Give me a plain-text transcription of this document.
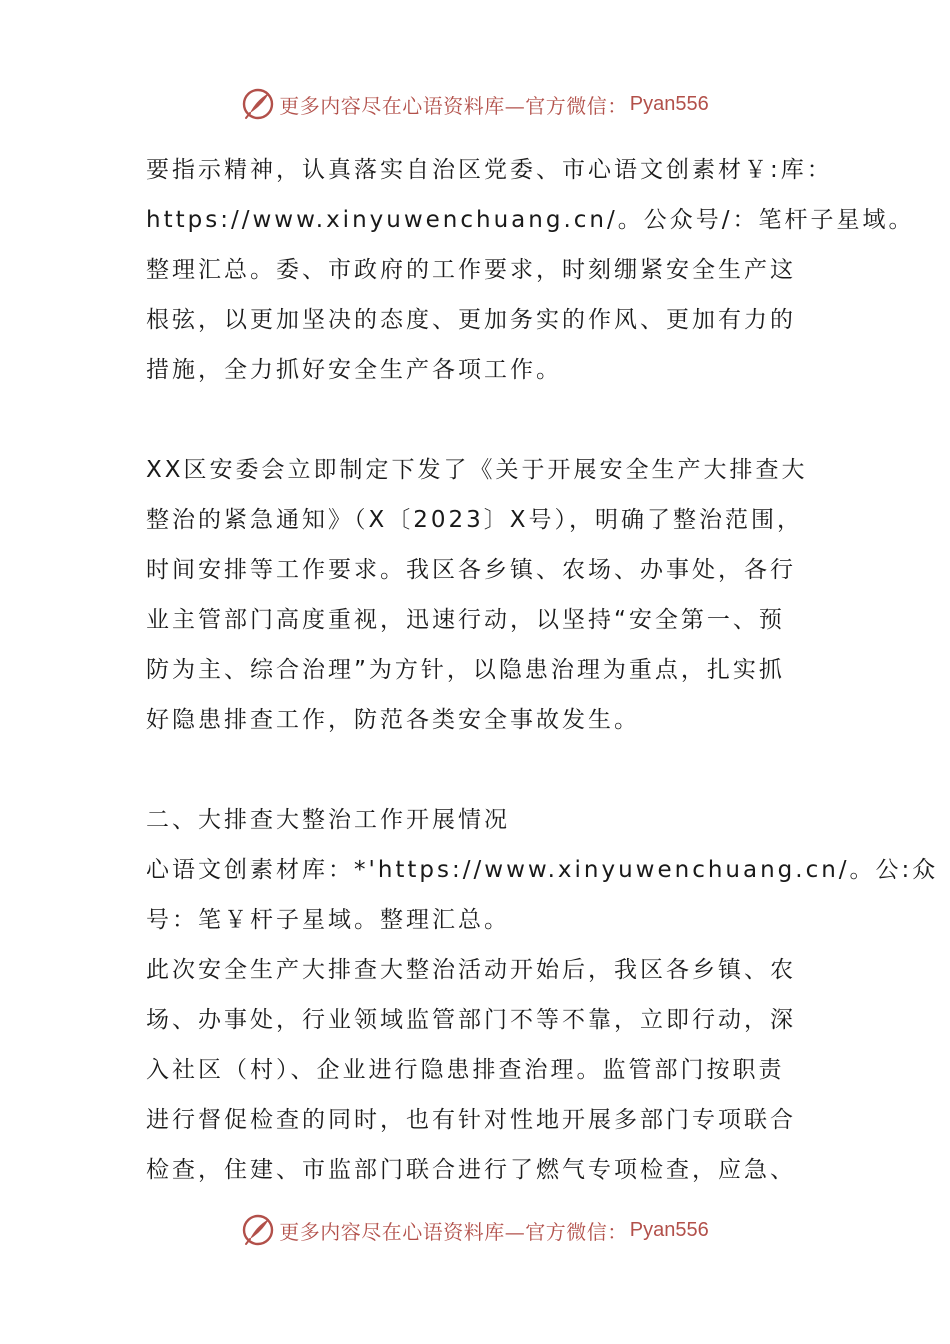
更多内容尽在心语资料库—官方微信： Pyan556
要指示精神，认真落实自治区党委、市心语文创素材￥:库：
https://www.xinyuwenchuang.cn/。公众号/：笔杆子星域。
整理汇总。委、市政府的工作要求，时刻绷紧安全生产这
根弦，以更加坚决的态度、更加务实的作风、更加有力的
措施，全力抓好安全生产各项工作。
XX区安委会立即制定下发了《关于开展安全生产大排查大
整治的紧急通知》（X〔2023〕X号），明确了整治范围，
时间安排等工作要求。我区各乡镇、农场、办事处，各行
业主管部门高度重视，迅速行动，以坚持“安全第一、预
防为主、综合治理”为方针，以隐患治理为重点，扎实抓
好隐患排查工作，防范各类安全事故发生。
二、大排查大整治工作开展情况
心语文创素材库：*'https://www.xinyuwenchuang.cn/。公:众
号：笔￥杆子星域。整理汇总。
此次安全生产大排查大整治活动开始后，我区各乡镇、农
场、办事处，行业领域监管部门不等不靠，立即行动，深
入社区（村）、企业进行隐患排查治理。监管部门按职责
进行督促检查的同时，也有针对性地开展多部门专项联合
检查，住建、市监部门联合进行了燃气专项检查，应急、
更多内容尽在心语资料库—官方微信： Pyan556
